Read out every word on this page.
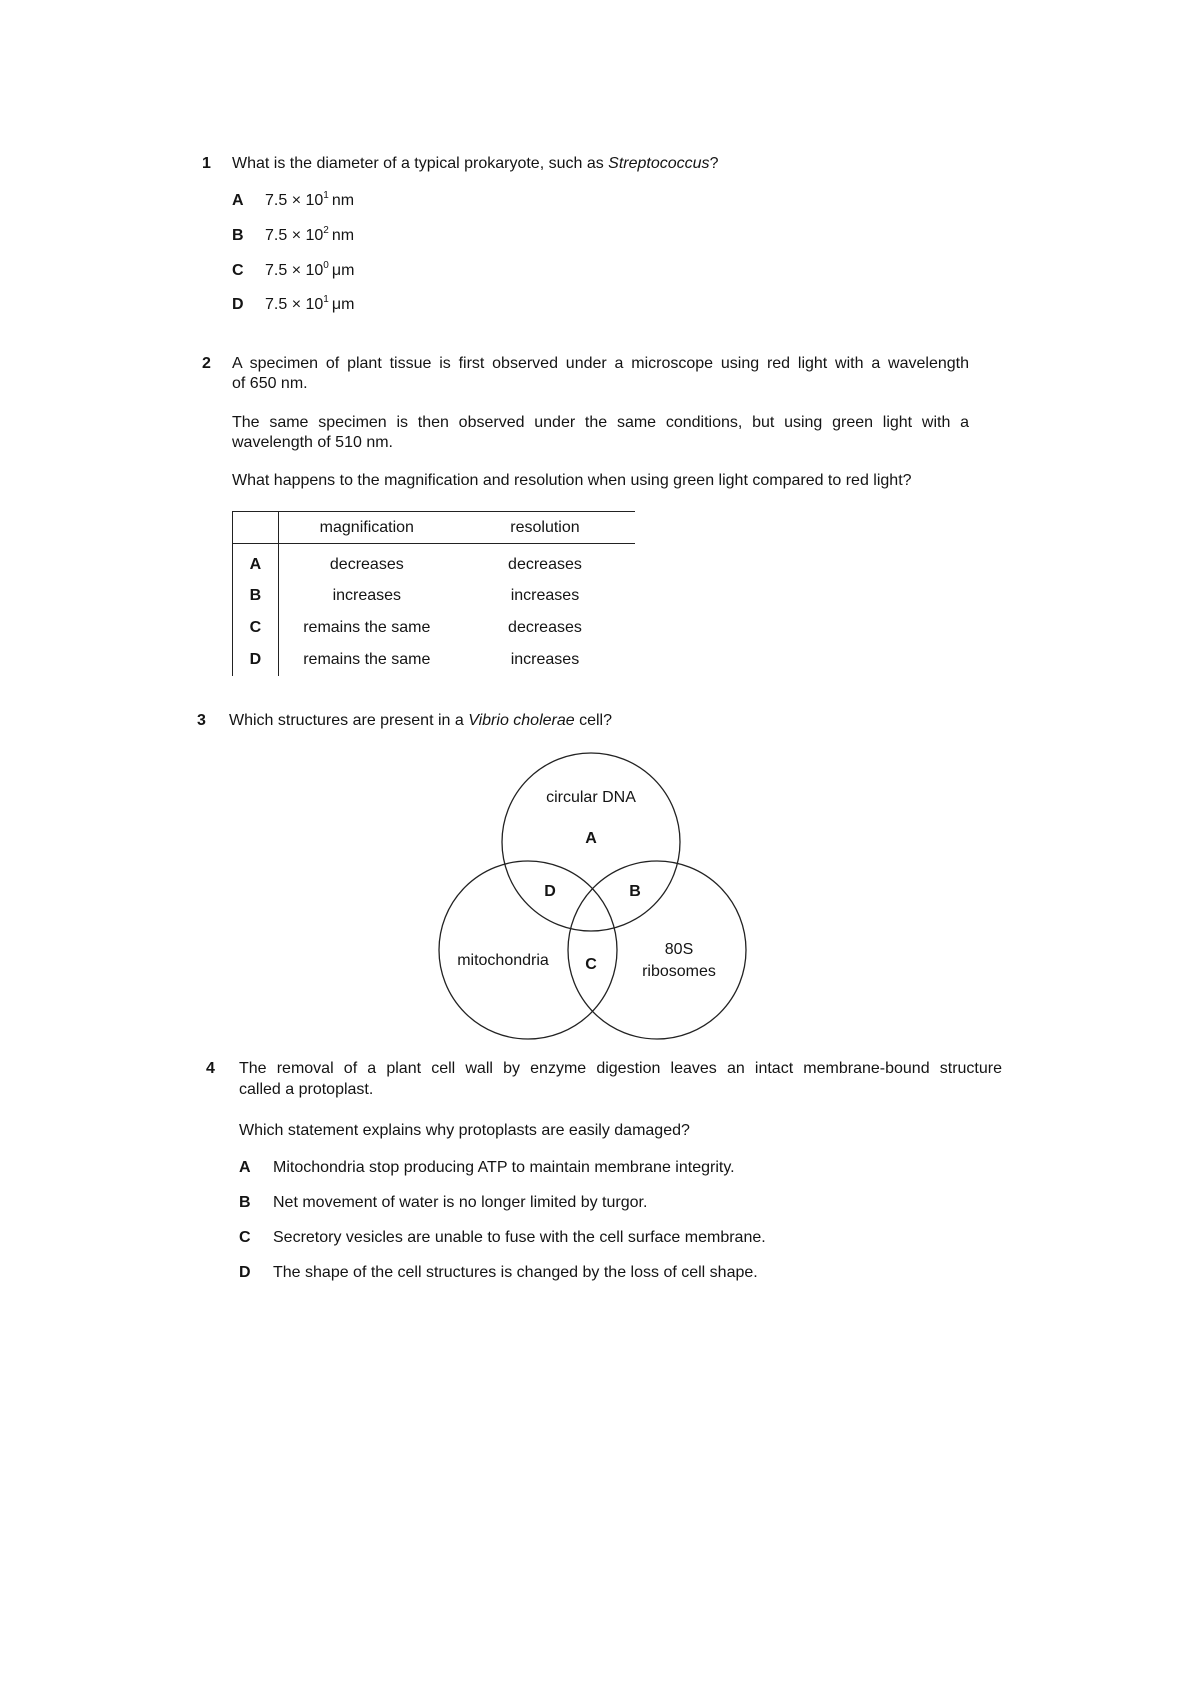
1 What is the diameter of a typical prokaryote, such as Streptococcus?
A $7.5 \times 10^1$ nm
B $7.5 \times 10^2$ nm
C $7.5 \times 10^0$ μm
D $7.5 \times 10^1$ μm
2 A specimen of plant tissue is first observed under a microscope using red light with a wavelength
of 650 nm.
The same specimen is then observed under the same conditions, but using green light with a
wavelength of 510 nm.
What happens to the magnification and resolution when using green light compared to red light?
	magnification	resolution
A	decreases	decreases
B	increases	increases
C	remains the same	decreases
D	remains the same	increases
3 Which structures are present in a Vibrio cholerae cell?
circular DNA
A
D	B
mitochondria C
80S
ribosomes
4 The removal of a plant cell wall by enzyme digestion leaves an intact membrane-bound structure
called a protoplast.
Which statement explains why protoplasts are easily damaged?
A Mitochondria stop producing ATP to maintain membrane integrity.
B Net movement of water is no longer limited by turgor.
C Secretory vesicles are unable to fuse with the cell surface membrane.
D The shape of the cell structures is changed by the loss of cell shape.
